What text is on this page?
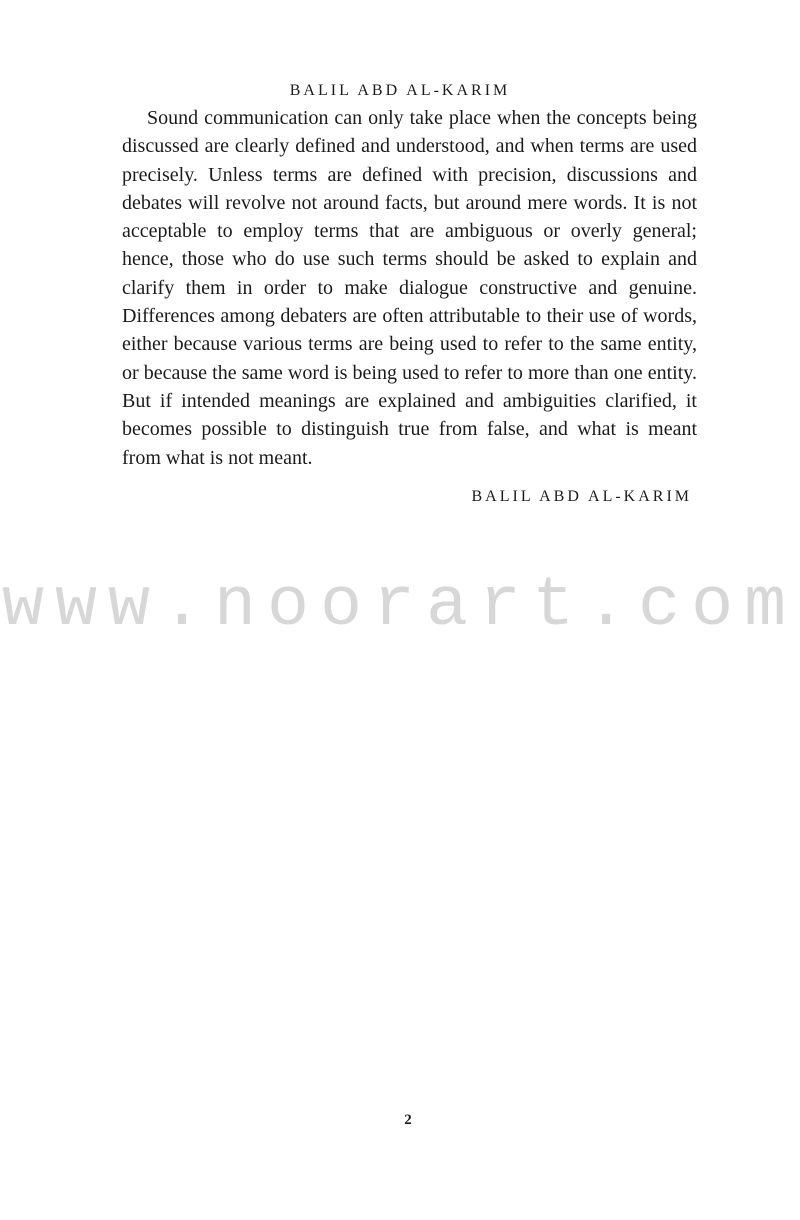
BALIL ABD AL-KARIM

Sound communication can only take place when the concepts being discussed are clearly defined and understood, and when terms are used precisely. Unless terms are defined with precision, discussions and debates will revolve not around facts, but around mere words. It is not acceptable to employ terms that are ambiguous or overly general; hence, those who do use such terms should be asked to explain and clarify them in order to make dialogue constructive and genuine. Differences among debaters are often attributable to their use of words, either because various terms are being used to refer to the same entity, or because the same word is being used to refer to more than one entity. But if intended meanings are explained and ambiguities clarified, it becomes possible to distinguish true from false, and what is meant from what is not meant.

BALIL ABD AL-KARIM
www.noorart.com
2
